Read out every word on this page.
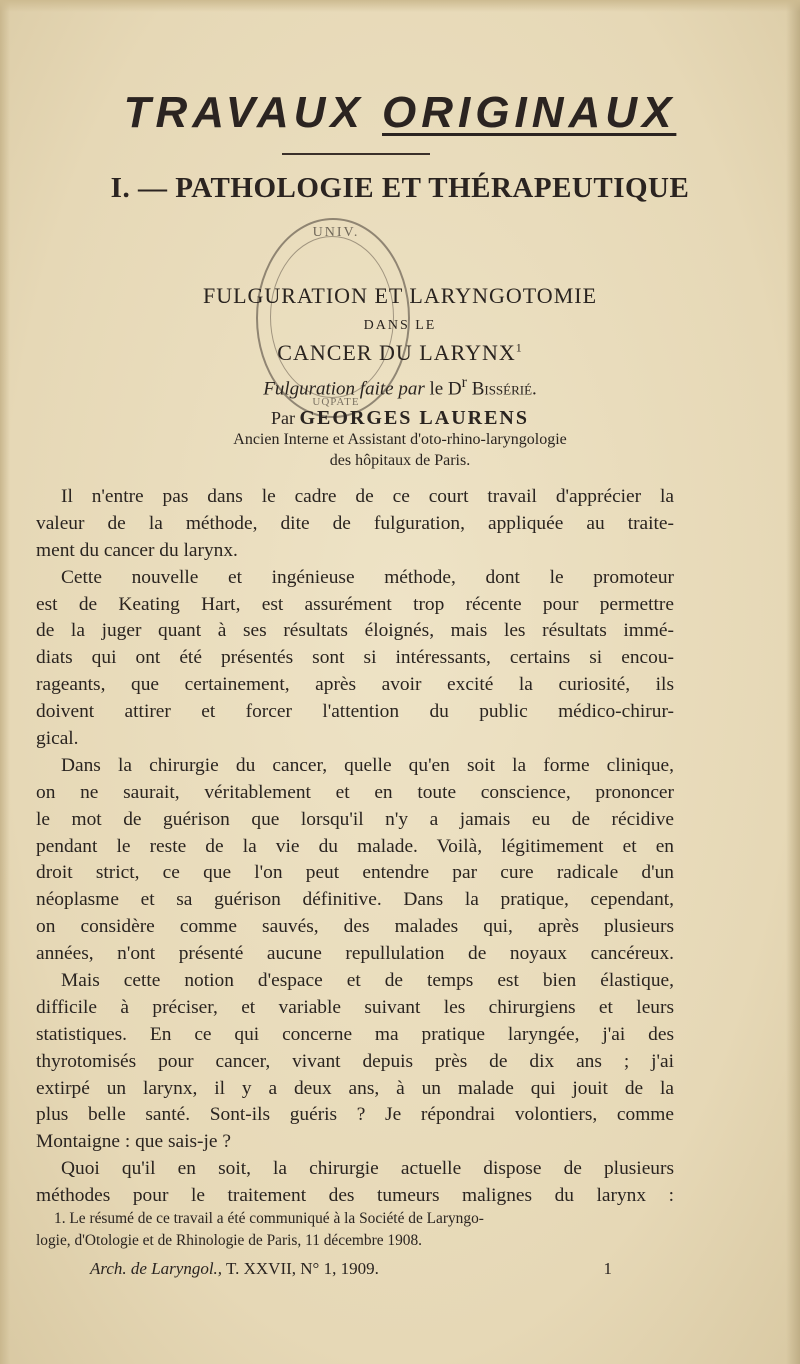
TRAVAUX ORIGINAUX
I. — PATHOLOGIE ET THÉRAPEUTIQUE
UNIV.
UQPATE
FULGURATION ET LARYNGOTOMIE
DANS LE
CANCER DU LARYNX$^1$
Fulguration faite par le $D^r$ Bissérié.
Par GEORGES LAURENS
Ancien Interne et Assistant d'oto-rhino-laryngologie
des hôpitaux de Paris.
Il n'entre pas dans le cadre de ce court travail d'apprécier la
valeur de la méthode, dite de fulguration, appliquée au traite-
ment du cancer du larynx.
Cette nouvelle et ingénieuse méthode, dont le promoteur
est de Keating Hart, est assurément trop récente pour permettre
de la juger quant à ses résultats éloignés, mais les résultats immé-
diats qui ont été présentés sont si intéressants, certains si encou-
rageants, que certainement, après avoir excité la curiosité, ils
doivent attirer et forcer l'attention du public médico-chirur-
gical.
Dans la chirurgie du cancer, quelle qu'en soit la forme clinique,
on ne saurait, véritablement et en toute conscience, prononcer
le mot de guérison que lorsqu'il n'y a jamais eu de récidive
pendant le reste de la vie du malade. Voilà, légitimement et en
droit strict, ce que l'on peut entendre par cure radicale d'un
néoplasme et sa guérison définitive. Dans la pratique, cependant,
on considère comme sauvés, des malades qui, après plusieurs
années, n'ont présenté aucune repullulation de noyaux cancéreux.
Mais cette notion d'espace et de temps est bien élastique,
difficile à préciser, et variable suivant les chirurgiens et leurs
statistiques. En ce qui concerne ma pratique laryngée, j'ai des
thyrotomisés pour cancer, vivant depuis près de dix ans ; j'ai
extirpé un larynx, il y a deux ans, à un malade qui jouit de la
plus belle santé. Sont-ils guéris ? Je répondrai volontiers, comme
Montaigne : que sais-je ?
Quoi qu'il en soit, la chirurgie actuelle dispose de plusieurs
méthodes pour le traitement des tumeurs malignes du larynx :
1. Le résumé de ce travail a été communiqué à la Société de Laryngo-
logie, d'Otologie et de Rhinologie de Paris, 11 décembre 1908.
Arch. de Laryngol., T. XXVII, N° 1, 1909.	1
